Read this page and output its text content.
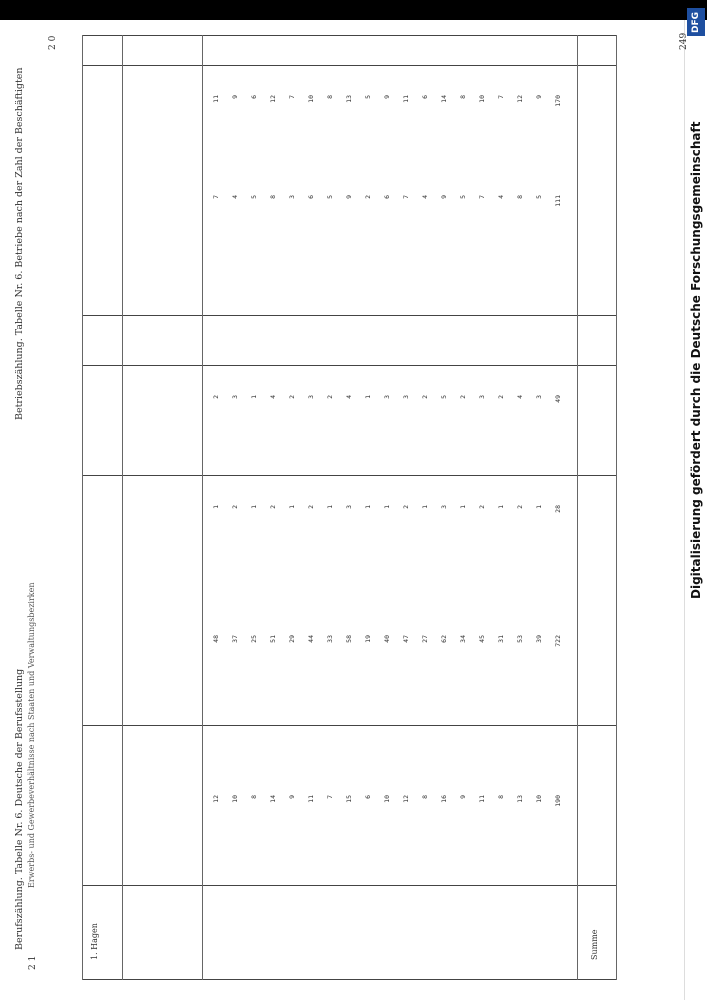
DFG
Digitalisierung gefördert durch die Deutsche Forschungsgemeinschaft
2 1
2 0	249
Berufszählung. Tabelle Nr. 6. Deutsche der Berufsstellung
Betriebszählung. Tabelle Nr. 6. Betriebe nach der Zahl der Beschäftigten
Erwerbs- und Gewerbeverhältnisse nach Staaten und Verwaltungsbezirken
11
7
2
1
48
12
9
4
3
2
37
10
6
5
1
1
25
8
12
8
4
2
51
14
7
3
2
1
29
9
10
6
3
2
44
11
8
5
2
1
33
7
13
9
4
3
58
15
5
2
1
1
19
6
9
6
3
1
40
10
11
7
3
2
47
12
6
4
2
1
27
8
14
9
5
3
62
16
8
5
2
1
34
9
10
7
3
2
45
11
7
4
2
1
31
8
12
8
4
2
53
13
9
5
3
1
39
10
170
111
49
28
722
190
1. Hagen	Summe
